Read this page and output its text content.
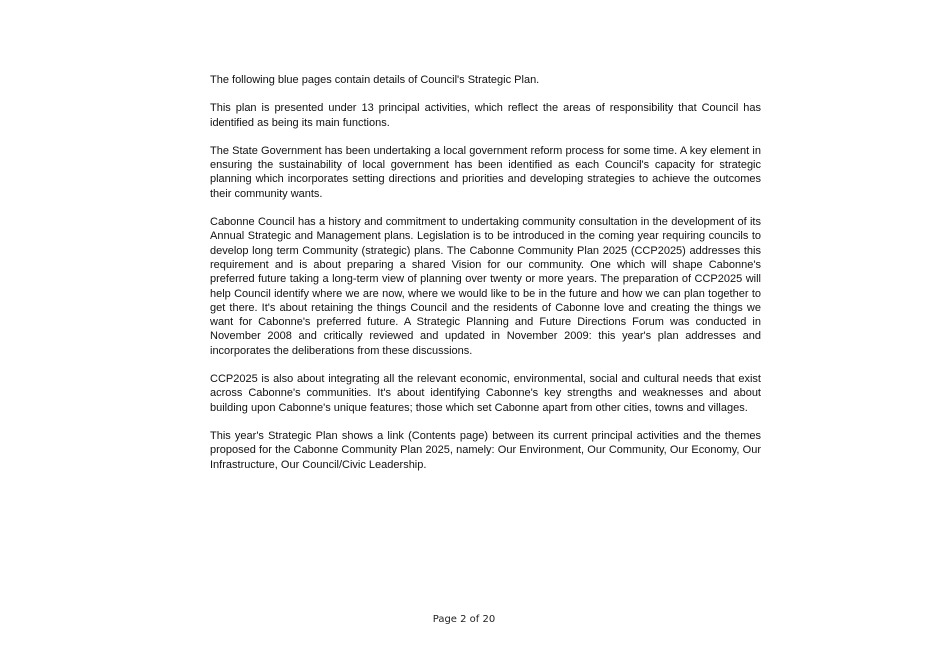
The following blue pages contain details of Council's Strategic Plan.

This plan is presented under 13 principal activities, which reflect the areas of responsibility that Council has identified as being its main functions.

The State Government has been undertaking a local government reform process for some time. A key element in ensuring the sustainability of local government has been identified as each Council's capacity for strategic planning which incorporates setting directions and priorities and developing strategies to achieve the outcomes their community wants.

Cabonne Council has a history and commitment to undertaking community consultation in the development of its Annual Strategic and Management plans. Legislation is to be introduced in the coming year requiring councils to develop long term Community (strategic) plans. The Cabonne Community Plan 2025 (CCP2025) addresses this requirement and is about preparing a shared Vision for our community. One which will shape Cabonne's preferred future taking a long-term view of planning over twenty or more years. The preparation of CCP2025 will help Council identify where we are now, where we would like to be in the future and how we can plan together to get there. It's about retaining the things Council and the residents of Cabonne love and creating the things we want for Cabonne's preferred future. A Strategic Planning and Future Directions Forum was conducted in November 2008 and critically reviewed and updated in November 2009: this year's plan addresses and incorporates the deliberations from these discussions.

CCP2025 is also about integrating all the relevant economic, environmental, social and cultural needs that exist across Cabonne's communities. It's about identifying Cabonne's key strengths and weaknesses and about building upon Cabonne's unique features; those which set Cabonne apart from other cities, towns and villages.

This year's Strategic Plan shows a link (Contents page) between its current principal activities and the themes proposed for the Cabonne Community Plan 2025, namely: Our Environment, Our Community, Our Economy, Our Infrastructure, Our Council/Civic Leadership.

Page 2 of 20
